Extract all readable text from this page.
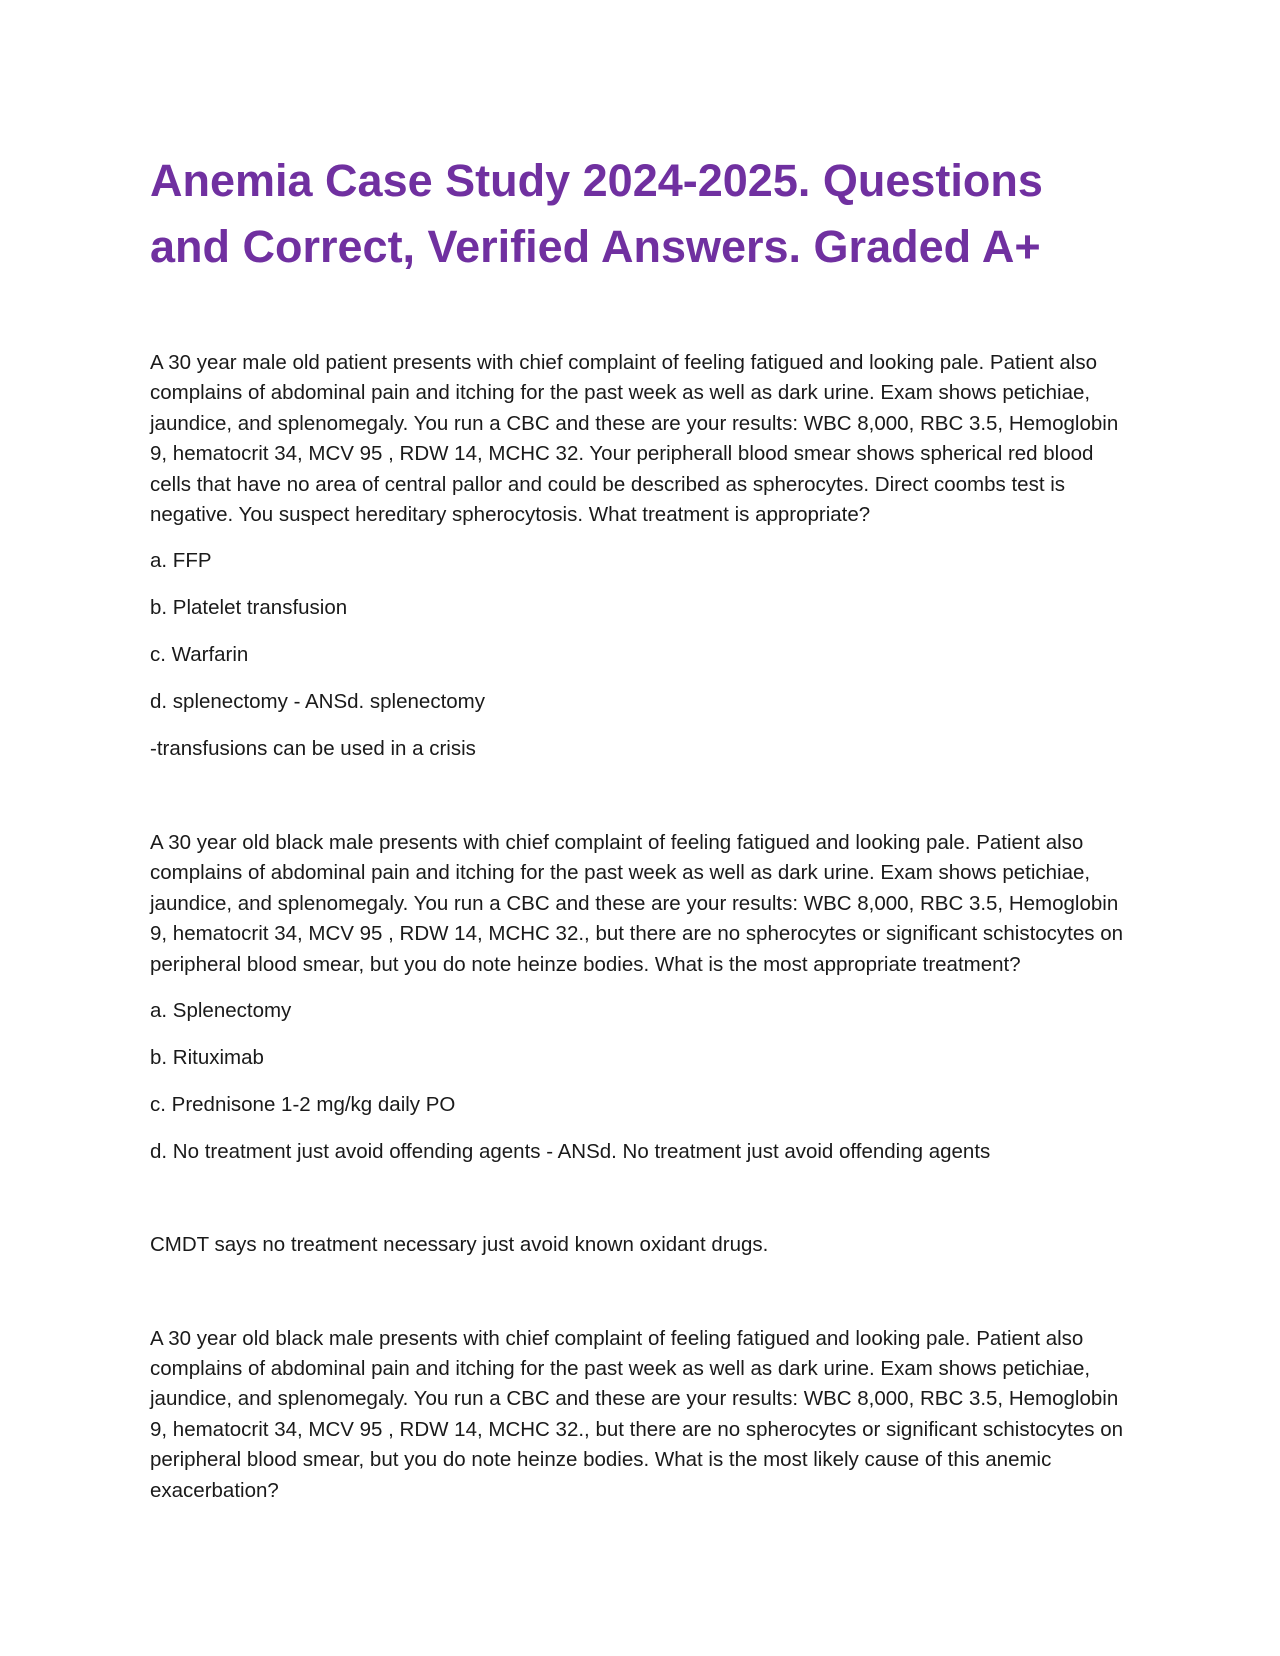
Anemia Case Study 2024-2025. Questions and Correct, Verified Answers. Graded A+

A 30 year male old patient presents with chief complaint of feeling fatigued and looking pale. Patient also complains of abdominal pain and itching for the past week as well as dark urine. Exam shows petichiae, jaundice, and splenomegaly. You run a CBC and these are your results: WBC 8,000, RBC 3.5, Hemoglobin 9, hematocrit 34, MCV 95 , RDW 14, MCHC 32. Your peripherall blood smear shows spherical red blood cells that have no area of central pallor and could be described as spherocytes. Direct coombs test is negative. You suspect hereditary spherocytosis. What treatment is appropriate?

a. FFP

b. Platelet transfusion

c. Warfarin

d. splenectomy - ANSd. splenectomy

-transfusions can be used in a crisis

A 30 year old black male presents with chief complaint of feeling fatigued and looking pale. Patient also complains of abdominal pain and itching for the past week as well as dark urine. Exam shows petichiae, jaundice, and splenomegaly. You run a CBC and these are your results: WBC 8,000, RBC 3.5, Hemoglobin 9, hematocrit 34, MCV 95 , RDW 14, MCHC 32., but there are no spherocytes or significant schistocytes on peripheral blood smear, but you do note heinze bodies. What is the most appropriate treatment?

a. Splenectomy

b. Rituximab

c. Prednisone 1-2 mg/kg daily PO

d. No treatment just avoid offending agents - ANSd. No treatment just avoid offending agents

CMDT says no treatment necessary just avoid known oxidant drugs.

A 30 year old black male presents with chief complaint of feeling fatigued and looking pale. Patient also complains of abdominal pain and itching for the past week as well as dark urine. Exam shows petichiae, jaundice, and splenomegaly. You run a CBC and these are your results: WBC 8,000, RBC 3.5, Hemoglobin 9, hematocrit 34, MCV 95 , RDW 14, MCHC 32., but there are no spherocytes or significant schistocytes on peripheral blood smear, but you do note heinze bodies. What is the most likely cause of this anemic exacerbation?
